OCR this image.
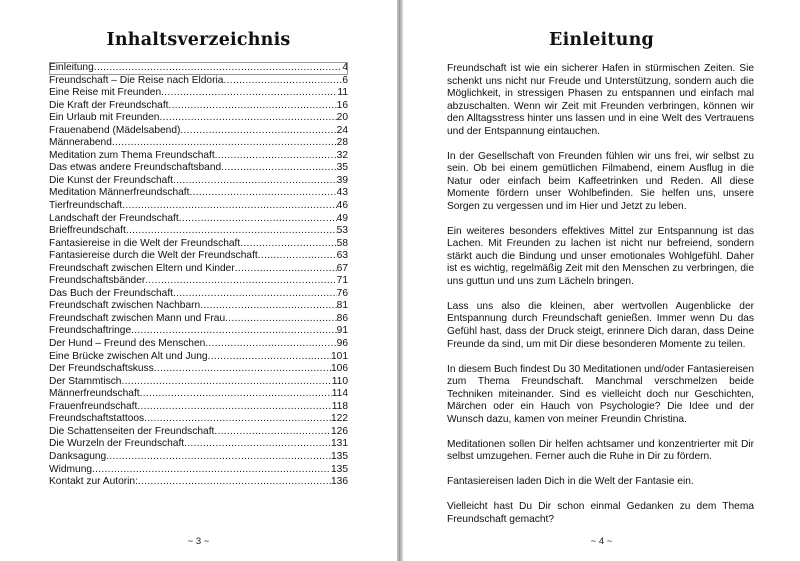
Inhaltsverzeichnis
Einleitung .....	4
Freundschaft – Die Reise nach Eldoria .....	6
Eine Reise mit Freunden .....	11
Die Kraft der Freundschaft .....	16
Ein Urlaub mit Freunden .....	20
Frauenabend (Mädelsabend) .....	24
Männerabend .....	28
Meditation zum Thema Freundschaft .....	32
Das etwas andere Freundschaftsband .....	35
Die Kunst der Freundschaft .....	39
Meditation Männerfreundschaft .....	43
Tierfreundschaft .....	46
Landschaft der Freundschaft .....	49
Brieffreundschaft .....	53
Fantasiereise in die Welt der Freundschaft .....	58
Fantasiereise durch die Welt der Freundschaft .....	63
Freundschaft zwischen Eltern und Kinder .....	67
Freundschaftsbänder .....	71
Das Buch der Freundschaft .....	76
Freundschaft zwischen Nachbarn .....	81
Freundschaft zwischen Mann und Frau .....	86
Freundschaftringe .....	91
Der Hund – Freund des Menschen .....	96
Eine Brücke zwischen Alt und Jung .....	101
Der Freundschaftskuss .....	106
Der Stammtisch .....	110
Männerfreundschaft .....	114
Frauenfreundschaft .....	118
Freundschaftstattoos .....	122
Die Schattenseiten der Freundschaft .....	126
Die Wurzeln der Freundschaft .....	131
Danksagung .....	135
Widmung .....	135
Kontakt zur Autorin: .....	136
~ 3 ~
Einleitung

Freundschaft ist wie ein sicherer Hafen in stürmischen Zeiten. Sie schenkt uns nicht nur Freude und Unterstützung, sondern auch die Möglichkeit, in stressigen Phasen zu entspannen und einfach mal abzuschalten. Wenn wir Zeit mit Freunden verbringen, können wir den Alltagsstress hinter uns lassen und in eine Welt des Vertrauens und der Entspannung eintauchen.

In der Gesellschaft von Freunden fühlen wir uns frei, wir selbst zu sein. Ob bei einem gemütlichen Filmabend, einem Ausflug in die Natur oder einfach beim Kaffeetrinken und Reden. All diese Momente fördern unser Wohlbefinden. Sie helfen uns, unsere Sorgen zu vergessen und im Hier und Jetzt zu leben.

Ein weiteres besonders effektives Mittel zur Entspannung ist das Lachen. Mit Freunden zu lachen ist nicht nur befreiend, sondern stärkt auch die Bindung und unser emotionales Wohlgefühl. Daher ist es wichtig, regelmäßig Zeit mit den Menschen zu verbringen, die uns guttun und uns zum Lächeln bringen.

Lass uns also die kleinen, aber wertvollen Augenblicke der Entspannung durch Freundschaft genießen. Immer wenn Du das Gefühl hast, dass der Druck steigt, erinnere Dich daran, dass Deine Freunde da sind, um mit Dir diese besonderen Momente zu teilen.

In diesem Buch findest Du 30 Meditationen und/oder Fantasiereisen zum Thema Freundschaft. Manchmal verschmelzen beide Techniken miteinander. Sind es vielleicht doch nur Geschichten, Märchen oder ein Hauch von Psychologie? Die Idee und der Wunsch dazu, kamen von meiner Freundin Christina.

Meditationen sollen Dir helfen achtsamer und konzentrierter mit Dir selbst umzugehen. Ferner auch die Ruhe in Dir zu fördern.

Fantasiereisen laden Dich in die Welt der Fantasie ein.

Vielleicht hast Du Dir schon einmal Gedanken zu dem Thema Freundschaft gemacht?

~ 4 ~
